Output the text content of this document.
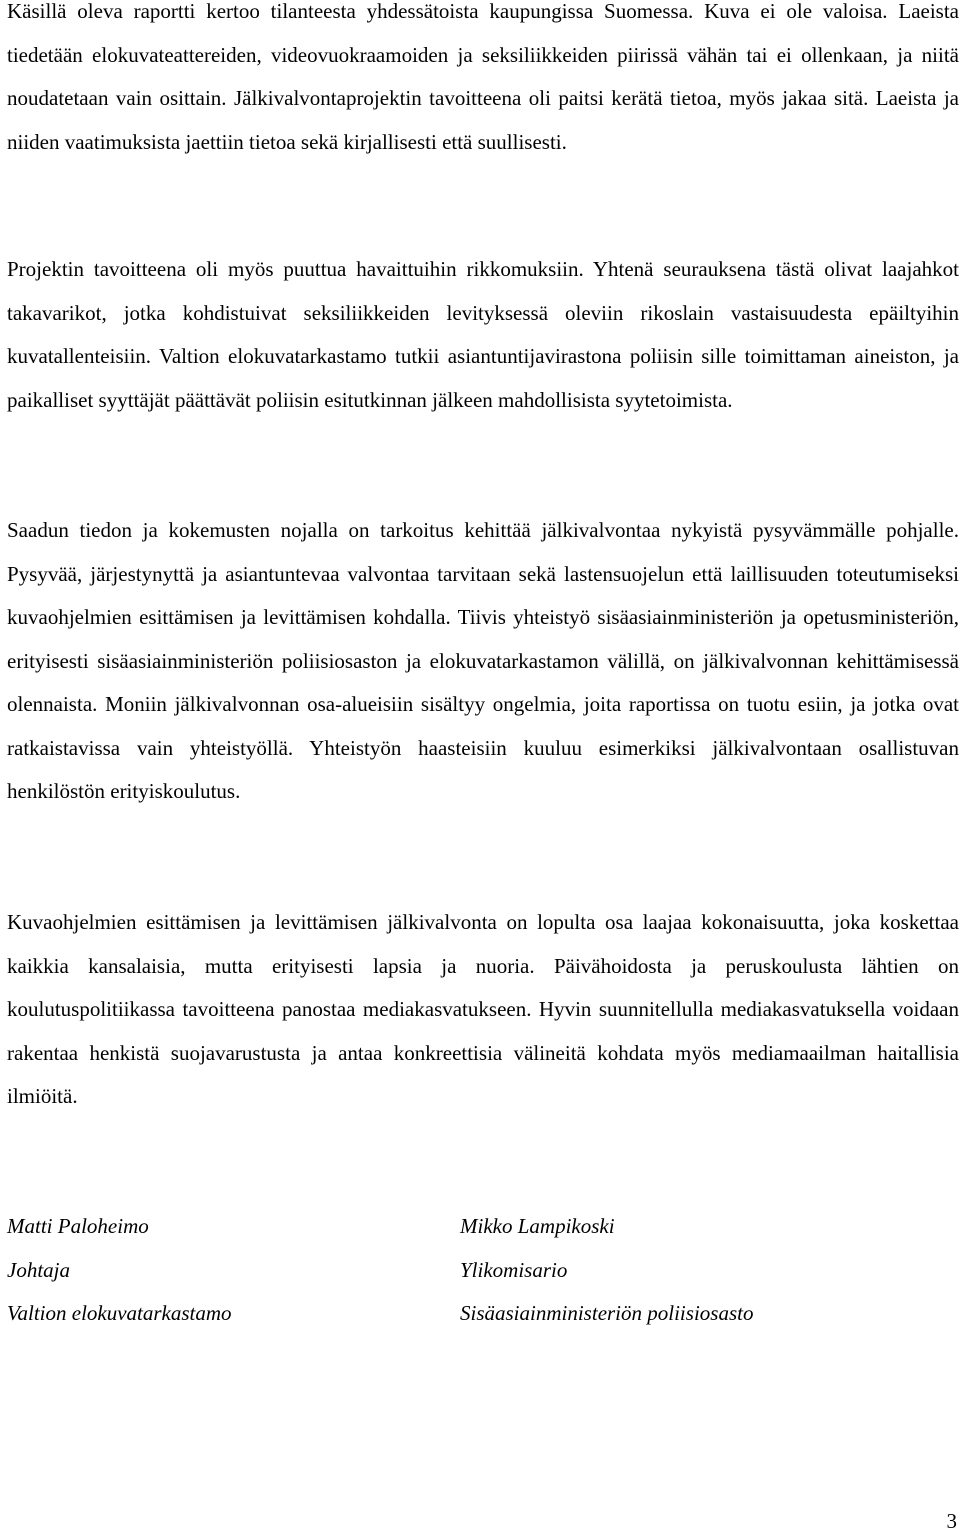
Käsillä oleva raportti kertoo tilanteesta yhdessätoista kaupungissa Suomessa. Kuva ei ole valoisa. Laeista tiedetään elokuvateattereiden, videovuokraamoiden ja seksiliikkeiden piirissä vähän tai ei ollenkaan, ja niitä noudatetaan vain osittain. Jälkivalvontaprojektin tavoitteena oli paitsi kerätä tietoa, myös jakaa sitä. Laeista ja niiden vaatimuksista jaettiin tietoa sekä kirjallisesti että suullisesti.

Projektin tavoitteena oli myös puuttua havaittuihin rikkomuksiin. Yhtenä seurauksena tästä olivat laajahkot takavarikot, jotka kohdistuivat seksiliikkeiden levityksessä oleviin rikoslain vastaisuudesta epäiltyihin kuvatallenteisiin. Valtion elokuvatarkastamo tutkii asiantuntijavirastona poliisin sille toimittaman aineiston, ja paikalliset syyttäjät päättävät poliisin esitutkinnan jälkeen mahdollisista syytetoimista.

Saadun tiedon ja kokemusten nojalla on tarkoitus kehittää jälkivalvontaa nykyistä pysyvämmälle pohjalle. Pysyvää, järjestynyttä ja asiantuntevaa valvontaa tarvitaan sekä lastensuojelun että laillisuuden toteutumiseksi kuvaohjelmien esittämisen ja levittämisen kohdalla. Tiivis yhteistyö sisäasiainministeriön ja opetusministeriön, erityisesti sisäasiainministeriön poliisiosaston ja elokuvatarkastamon välillä, on jälkivalvonnan kehittämisessä olennaista. Moniin jälkivalvonnan osa-alueisiin sisältyy ongelmia, joita raportissa on tuotu esiin, ja jotka ovat ratkaistavissa vain yhteistyöllä. Yhteistyön haasteisiin kuuluu esimerkiksi jälkivalvontaan osallistuvan henkilöstön erityiskoulutus.

Kuvaohjelmien esittämisen ja levittämisen jälkivalvonta on lopulta osa laajaa kokonaisuutta, joka koskettaa kaikkia kansalaisia, mutta erityisesti lapsia ja nuoria. Päivähoidosta ja peruskoulusta lähtien on koulutuspolitiikassa tavoitteena panostaa mediakasvatukseen. Hyvin suunnitellulla mediakasvatuksella voidaan rakentaa henkistä suojavarustusta ja antaa konkreettisia välineitä kohdata myös mediamaailman haitallisia ilmiöitä.

Matti Paloheimo
Johtaja
Valtion elokuvatarkastamo
Mikko Lampikoski
Ylikomisario
Sisäasiainministeriön poliisiosasto

3
